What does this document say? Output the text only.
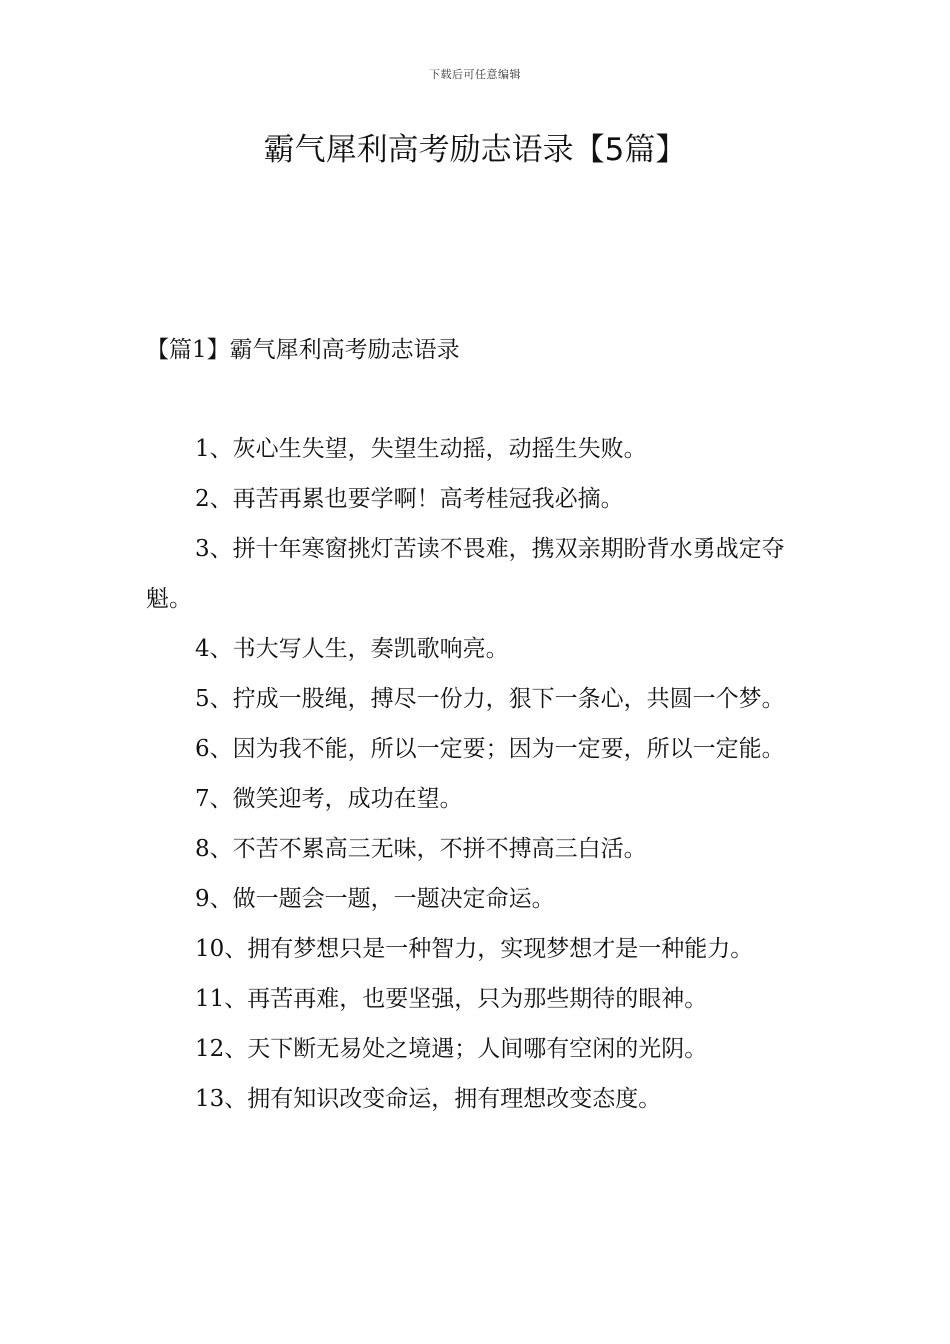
下载后可任意编辑
霸气犀利高考励志语录【5篇】
【篇1】霸气犀利高考励志语录
1、灰心生失望，失望生动摇，动摇生失败。
2、再苦再累也要学啊！高考桂冠我必摘。
3、拼十年寒窗挑灯苦读不畏难，携双亲期盼背水勇战定夺魁。
4、书大写人生，奏凯歌响亮。
5、拧成一股绳，搏尽一份力，狠下一条心，共圆一个梦。
6、因为我不能，所以一定要；因为一定要，所以一定能。
7、微笑迎考，成功在望。
8、不苦不累高三无味，不拼不搏高三白活。
9、做一题会一题，一题决定命运。
10、拥有梦想只是一种智力，实现梦想才是一种能力。
11、再苦再难，也要坚强，只为那些期待的眼神。
12、天下断无易处之境遇；人间哪有空闲的光阴。
13、拥有知识改变命运，拥有理想改变态度。
